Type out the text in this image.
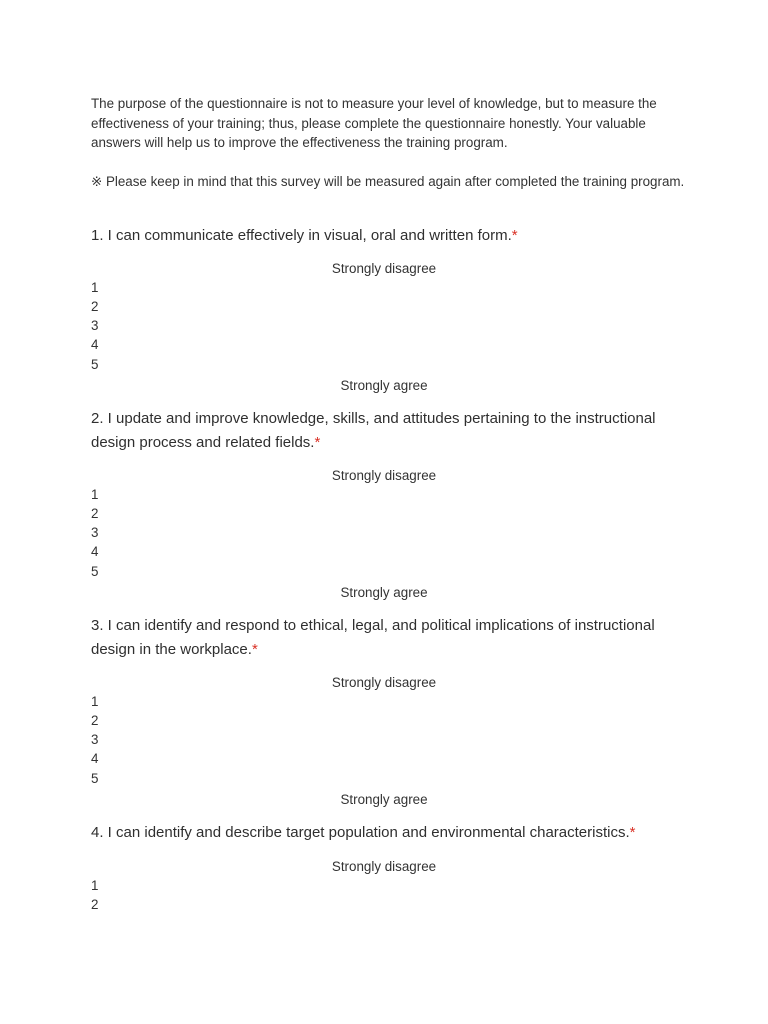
The purpose of the questionnaire is not to measure your level of knowledge, but to measure the effectiveness of your training; thus, please complete the questionnaire honestly. Your valuable answers will help us to improve the effectiveness the training program.

※ Please keep in mind that this survey will be measured again after completed the training program.

1. I can communicate effectively in visual, oral and written form.*

Strongly disagree

1
2
3
4
5

Strongly agree

2. I update and improve knowledge, skills, and attitudes pertaining to the instructional design process and related fields.*

Strongly disagree

1
2
3
4
5

Strongly agree

3. I can identify and respond to ethical, legal, and political implications of instructional design in the workplace.*

Strongly disagree

1
2
3
4
5

Strongly agree

4. I can identify and describe target population and environmental characteristics.*

Strongly disagree

1
2
